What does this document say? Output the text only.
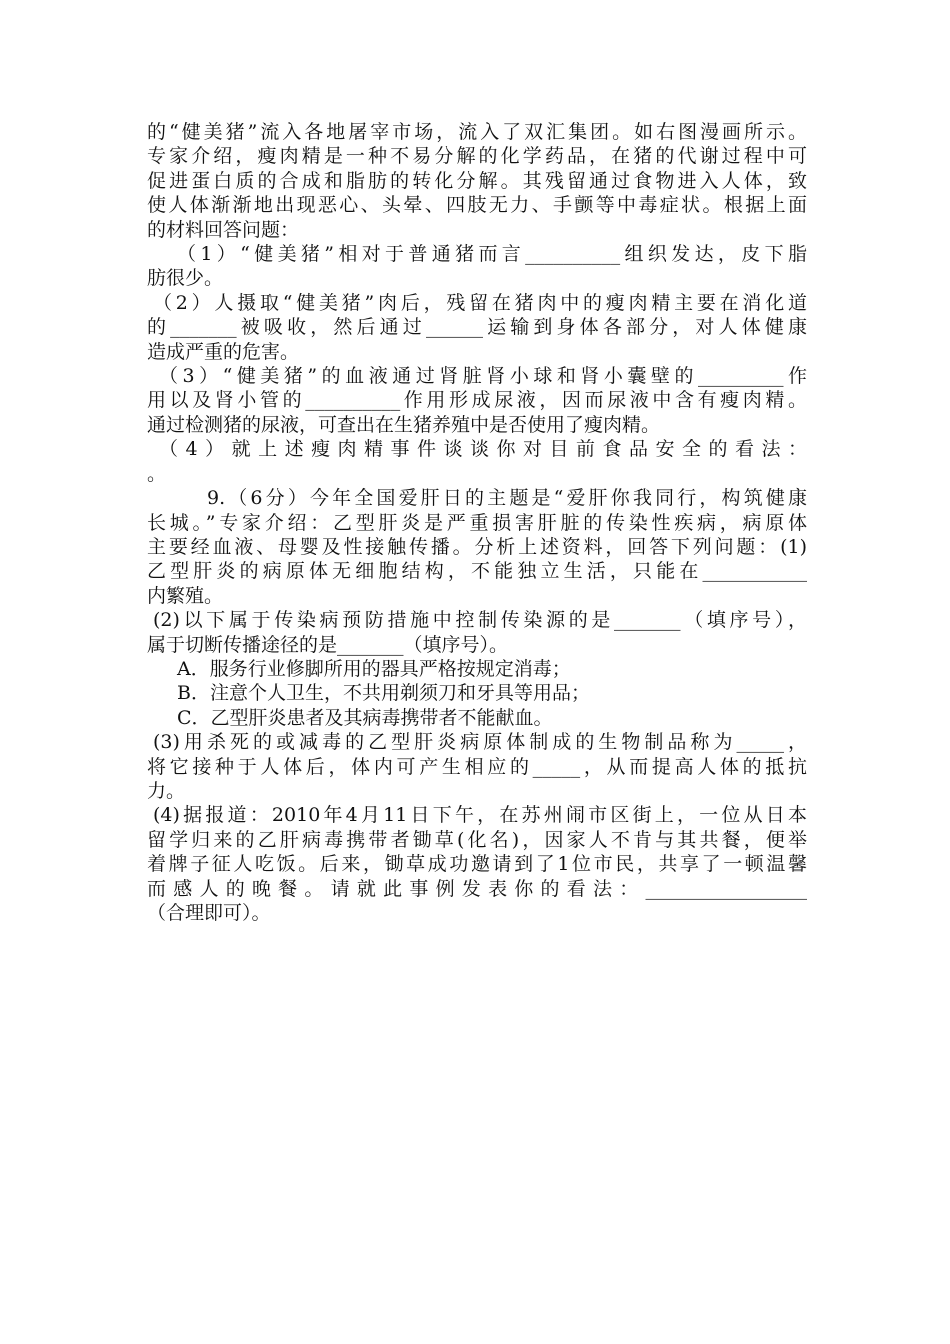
的“健美猪”流入各地屠宰市场，流入了双汇集团。如右图漫画所示。

专家介绍，瘦肉精是一种不易分解的化学药品，在猪的代谢过程中可

促进蛋白质的合成和脂肪的转化分解。其残留通过食物进入人体，致

使人体渐渐地出现恶心、头晕、四肢无力、手颤等中毒症状。根据上面

的材料回答问题：

（1）“健美猪”相对于普通猪而言__________组织发达，皮下脂

肪很少。

（2）人摄取“健美猪”肉后，残留在猪肉中的瘦肉精主要在消化道

的_______被吸收，然后通过______运输到身体各部分，对人体健康

造成严重的危害。

（3）“健美猪”的血液通过肾脏肾小球和肾小囊壁的_________作

用以及肾小管的__________作用形成尿液，因而尿液中含有瘦肉精。

通过检测猪的尿液，可查出在生猪养殖中是否使用了瘦肉精。

（4）就上述瘦肉精事件谈谈你对目前食品安全的看法：

。

9.（6分）今年全国爱肝日的主题是“爱肝你我同行，构筑健康

长城。”专家介绍：乙型肝炎是严重损害肝脏的传染性疾病，病原体

主要经血液、母婴及性接触传播。分析上述资料，回答下列问题：(1)

乙型肝炎的病原体无细胞结构，不能独立生活，只能在___________

内繁殖。

(2)以下属于传染病预防措施中控制传染源的是_______（填序号），

属于切断传播途径的是_______（填序号）。

A．服务行业修脚所用的器具严格按规定消毒；

B．注意个人卫生，不共用剃须刀和牙具等用品；

C．乙型肝炎患者及其病毒携带者不能献血。

(3)用杀死的或减毒的乙型肝炎病原体制成的生物制品称为_____，

将它接种于人体后，体内可产生相应的_____，从而提高人体的抵抗

力。

(4)据报道：2010年4月11日下午，在苏州闹市区街上，一位从日本

留学归来的乙肝病毒携带者锄草(化名)，因家人不肯与其共餐，便举

着牌子征人吃饭。后来，锄草成功邀请到了1位市民，共享了一顿温馨

而感人的晚餐。请就此事例发表你的看法：_________________

（合理即可）。
